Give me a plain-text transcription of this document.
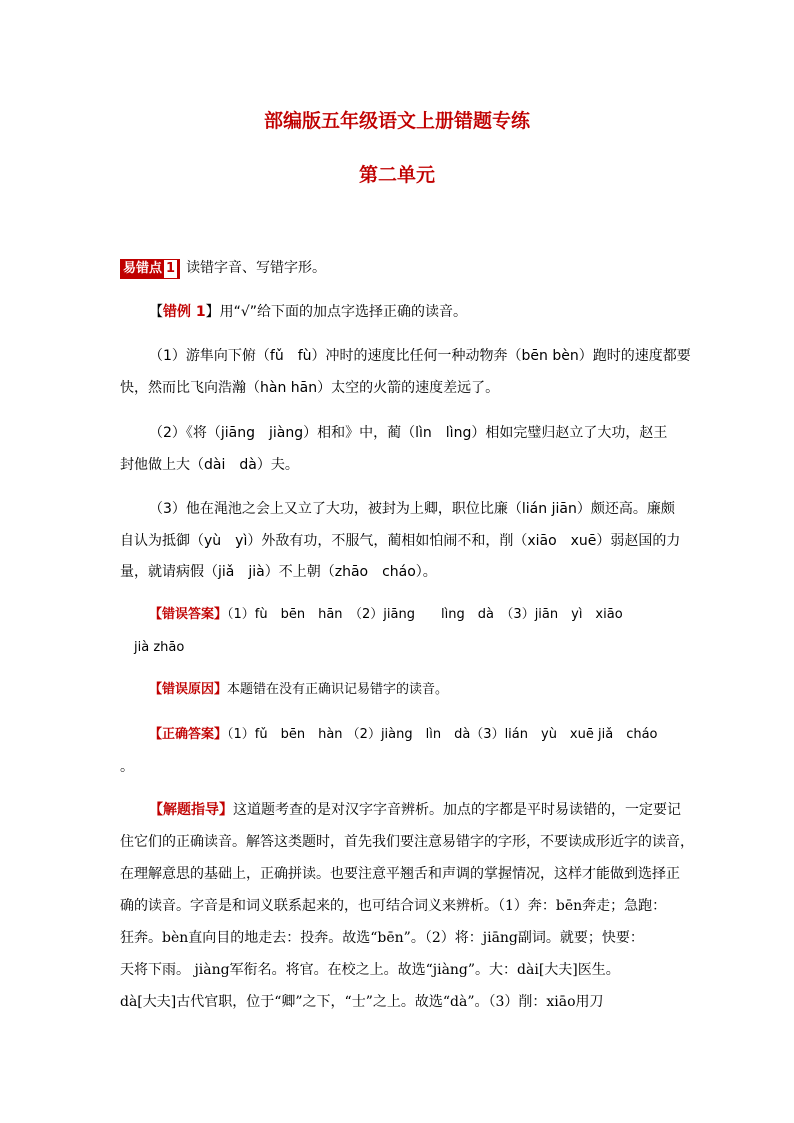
部编版五年级语文上册错题专练
第二单元
易错点 1 读错字音、写错字形。
【错例 1】用“√”给下面的加点字选择正确的读音。
（1）游隼向下俯（fǔ　fù）冲时的速度比任何一种动物奔（bēn bèn）跑时的速度都要
快，然而比飞向浩瀚（hàn hān）太空的火箭的速度差远了。
（2）《将（jiāng　jiàng）相和》中，蔺（lìn　lìng）相如完璧归赵立了大功，赵王
封他做上大（dài　dà）夫。
（3）他在渑池之会上又立了大功，被封为上卿，职位比廉（lián jiān）颇还高。廉颇
自认为抵御（yù　yì）外敌有功，不服气，蔺相如怕闹不和，削（xiāo　xuē）弱赵国的力
量，就请病假（jiǎ　jià）不上朝（zhāo　cháo）。
【错误答案】（1）fù　bēn　hān　（2）jiāng　　lìng　dà　（3）jiān　yì　xiāo
jià zhāo
【错误原因】本题错在没有正确识记易错字的读音。
【正确答案】（1）fǔ　bēn　hàn （2）jiàng　lìn　dà（3）lián　yù　xuē jiǎ　cháo
。
【解题指导】这道题考查的是对汉字字音辨析。加点的字都是平时易读错的，一定要记
住它们的正确读音。解答这类题时，首先我们要注意易错字的字形，不要读成形近字的读音，
在理解意思的基础上，正确拼读。也要注意平翘舌和声调的掌握情况，这样才能做到选择正
确的读音。字音是和词义联系起来的，也可结合词义来辨析。（1）奔：bēn奔走；急跑：
狂奔。bèn直向目的地走去：投奔。故选“bēn”。（2）将：jiāng副词。就要；快要：
天将下雨。 jiàng军衔名。将官。在校之上。故选“jiàng”。大：dài[大夫]医生。
dà[大夫]古代官职，位于“卿”之下，“士”之上。故选“dà”。（3）削：xiāo用刀
